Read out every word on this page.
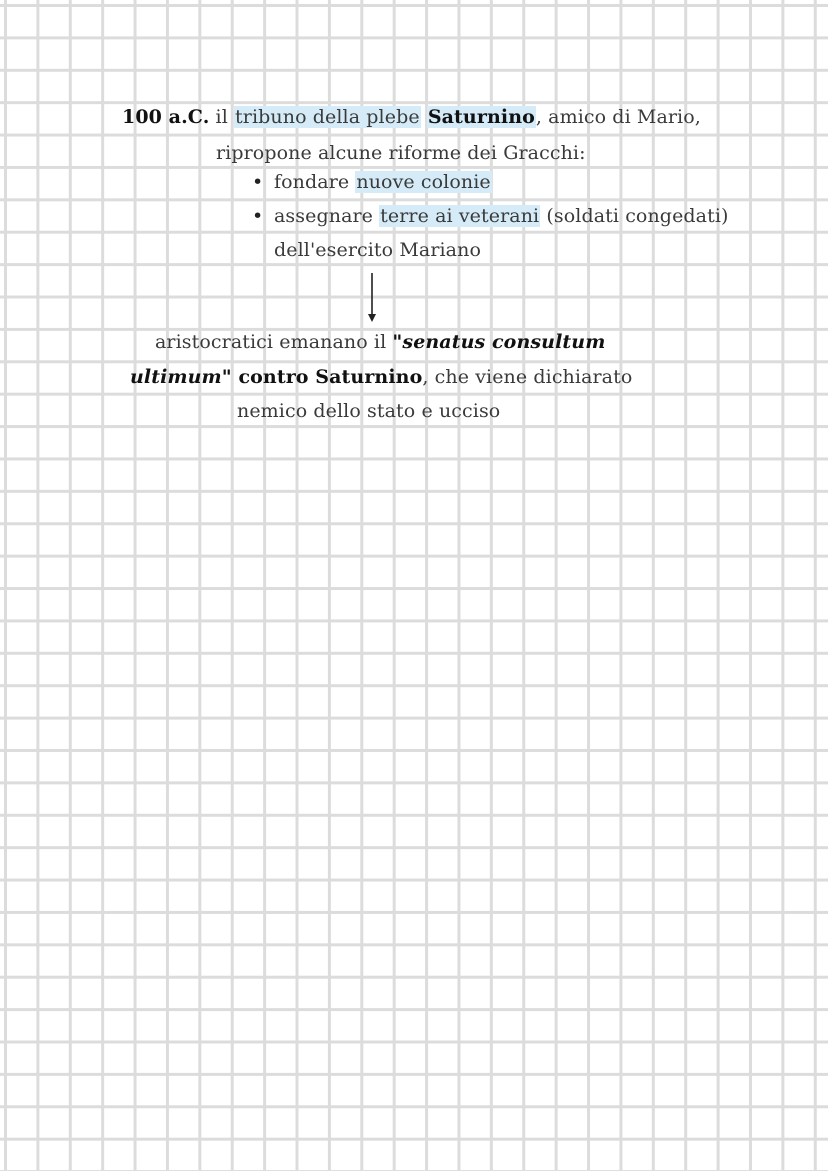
100 a.C. il tribuno della plebe Saturnino, amico di Mario,
ripropone alcune riforme dei Gracchi:
• fondare nuove colonie
• assegnare terre ai veterani (soldati congedati)
dell'esercito Mariano
aristocratici emanano il "senatus consultum
ultimum" contro Saturnino, che viene dichiarato
nemico dello stato e ucciso
